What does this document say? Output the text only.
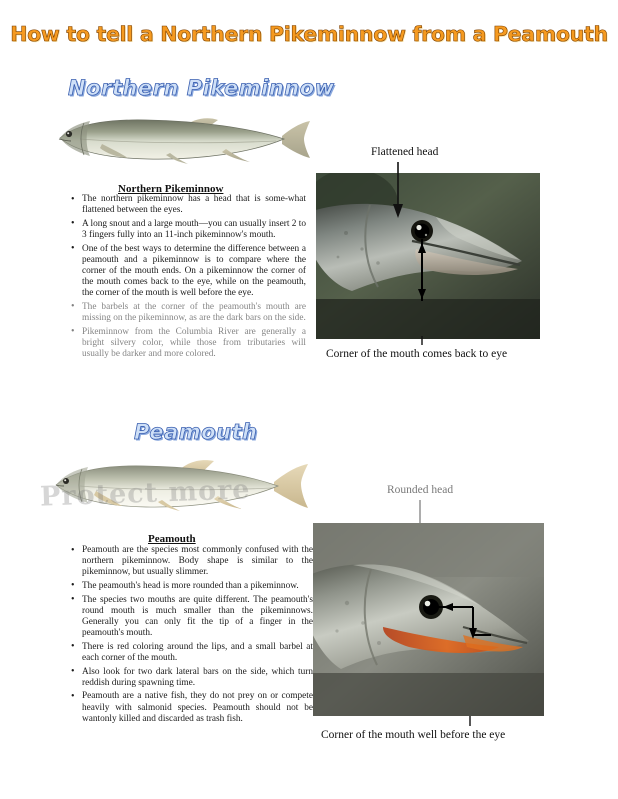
How to tell a Northern Pikeminnow from a Peamouth
Northern Pikeminnow
Flattened head
Corner of the mouth comes back to eye
Northern Pikeminnow
• The northern pikeminnow has a head that is some-what flattened between the eyes.
• A long snout and a large mouth—you can usually insert 2 to 3 fingers fully into an 11-inch pikeminnow's mouth.
• One of the best ways to determine the difference between a peamouth and a pikeminnow is to compare where the corner of the mouth ends. On a pikeminnow the corner of the mouth comes back to the eye, while on the peamouth, the corner of the mouth is well before the eye.
• The barbels at the corner of the peamouth's mouth are missing on the pikeminnow, as are the dark bars on the side.
• Pikeminnow from the Columbia River are generally a bright silvery color, while those from tributaries will usually be darker and more colored.
Peamouth
Protect more	Rounded head
Corner of the mouth well before the eye
Peamouth
• Peamouth are the species most commonly confused with the northern pikeminnow. Body shape is similar to the pikeminnow, but usually slimmer.
• The peamouth's head is more rounded than a pikeminnow.
• The species two mouths are quite different. The peamouth's round mouth is much smaller than the pikeminnows. Generally you can only fit the tip of a finger in the peamouth's mouth.
• There is red coloring around the lips, and a small barbel at each corner of the mouth.
• Also look for two dark lateral bars on the side, which turn reddish during spawning time.
• Peamouth are a native fish, they do not prey on or compete heavily with salmonid species. Peamouth should not be wantonly killed and discarded as trash fish.
